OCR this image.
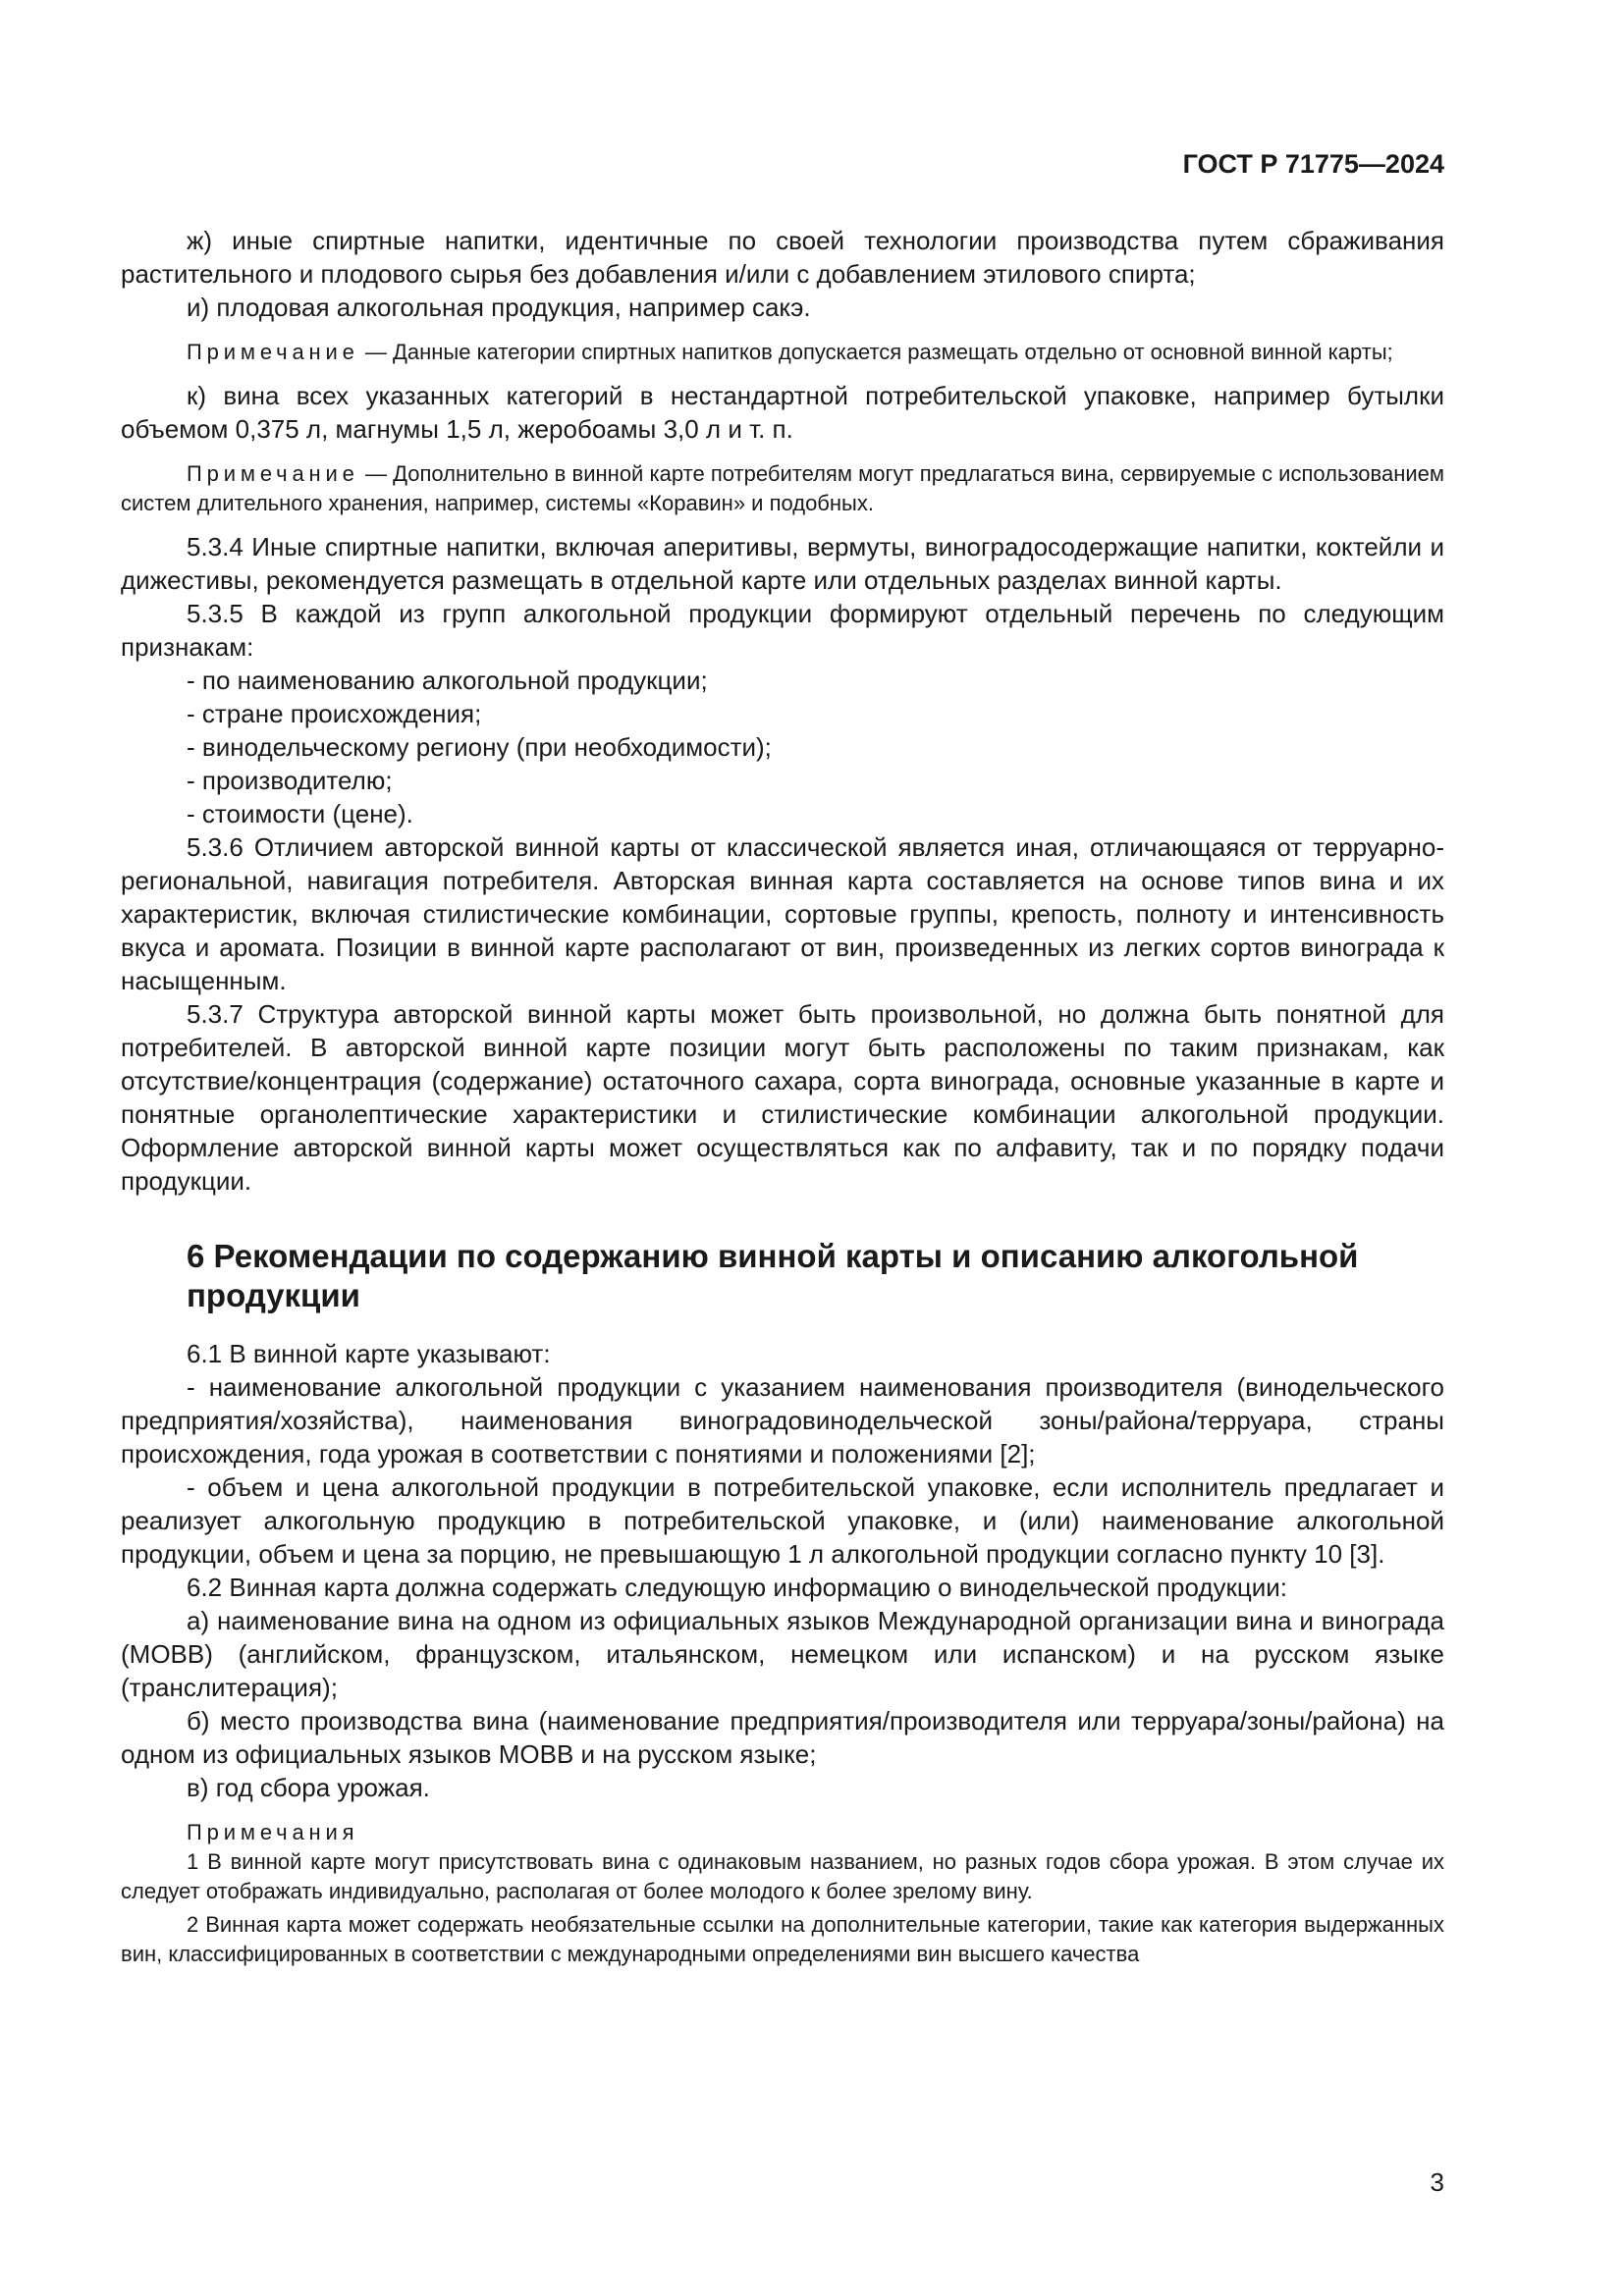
ГОСТ Р 71775—2024

ж) иные спиртные напитки, идентичные по своей технологии производства путем сбраживания растительного и плодового сырья без добавления и/или с добавлением этилового спирта;

и) плодовая алкогольная продукция, например сакэ.

Примечание — Данные категории спиртных напитков допускается размещать отдельно от основной винной карты;

к) вина всех указанных категорий в нестандартной потребительской упаковке, например бутылки объемом 0,375 л, магнумы 1,5 л, жеробоамы 3,0 л и т. п.

Примечание — Дополнительно в винной карте потребителям могут предлагаться вина, сервируемые с использованием систем длительного хранения, например, системы «Коравин» и подобных.

5.3.4 Иные спиртные напитки, включая аперитивы, вермуты, виноградосодержащие напитки, коктейли и дижестивы, рекомендуется размещать в отдельной карте или отдельных разделах винной карты.

5.3.5 В каждой из групп алкогольной продукции формируют отдельный перечень по следующим признакам:

- по наименованию алкогольной продукции;

- стране происхождения;

- винодельческому региону (при необходимости);

- производителю;

- стоимости (цене).

5.3.6 Отличием авторской винной карты от классической является иная, отличающаяся от терруарно-региональной, навигация потребителя. Авторская винная карта составляется на основе типов вина и их характеристик, включая стилистические комбинации, сортовые группы, крепость, полноту и интенсивность вкуса и аромата. Позиции в винной карте располагают от вин, произведенных из легких сортов винограда к насыщенным.

5.3.7 Структура авторской винной карты может быть произвольной, но должна быть понятной для потребителей. В авторской винной карте позиции могут быть расположены по таким признакам, как отсутствие/концентрация (содержание) остаточного сахара, сорта винограда, основные указанные в карте и понятные органолептические характеристики и стилистические комбинации алкогольной продукции. Оформление авторской винной карты может осуществляться как по алфавиту, так и по порядку подачи продукции.

6 Рекомендации по содержанию винной карты и описанию алкогольной продукции

6.1 В винной карте указывают:

- наименование алкогольной продукции с указанием наименования производителя (винодельческого предприятия/хозяйства), наименования виноградовинодельческой зоны/района/терруара, страны происхождения, года урожая в соответствии с понятиями и положениями [2];

- объем и цена алкогольной продукции в потребительской упаковке, если исполнитель предлагает и реализует алкогольную продукцию в потребительской упаковке, и (или) наименование алкогольной продукции, объем и цена за порцию, не превышающую 1 л алкогольной продукции согласно пункту 10 [3].

6.2 Винная карта должна содержать следующую информацию о винодельческой продукции:

а) наименование вина на одном из официальных языков Международной организации вина и винограда (МОВВ) (английском, французском, итальянском, немецком или испанском) и на русском языке (транслитерация);

б) место производства вина (наименование предприятия/производителя или терруара/зоны/района) на одном из официальных языков МОВВ и на русском языке;

в) год сбора урожая.

Примечания

1 В винной карте могут присутствовать вина с одинаковым названием, но разных годов сбора урожая. В этом случае их следует отображать индивидуально, располагая от более молодого к более зрелому вину.

2 Винная карта может содержать необязательные ссылки на дополнительные категории, такие как категория выдержанных вин, классифицированных в соответствии с международными определениями вин высшего качества

3
